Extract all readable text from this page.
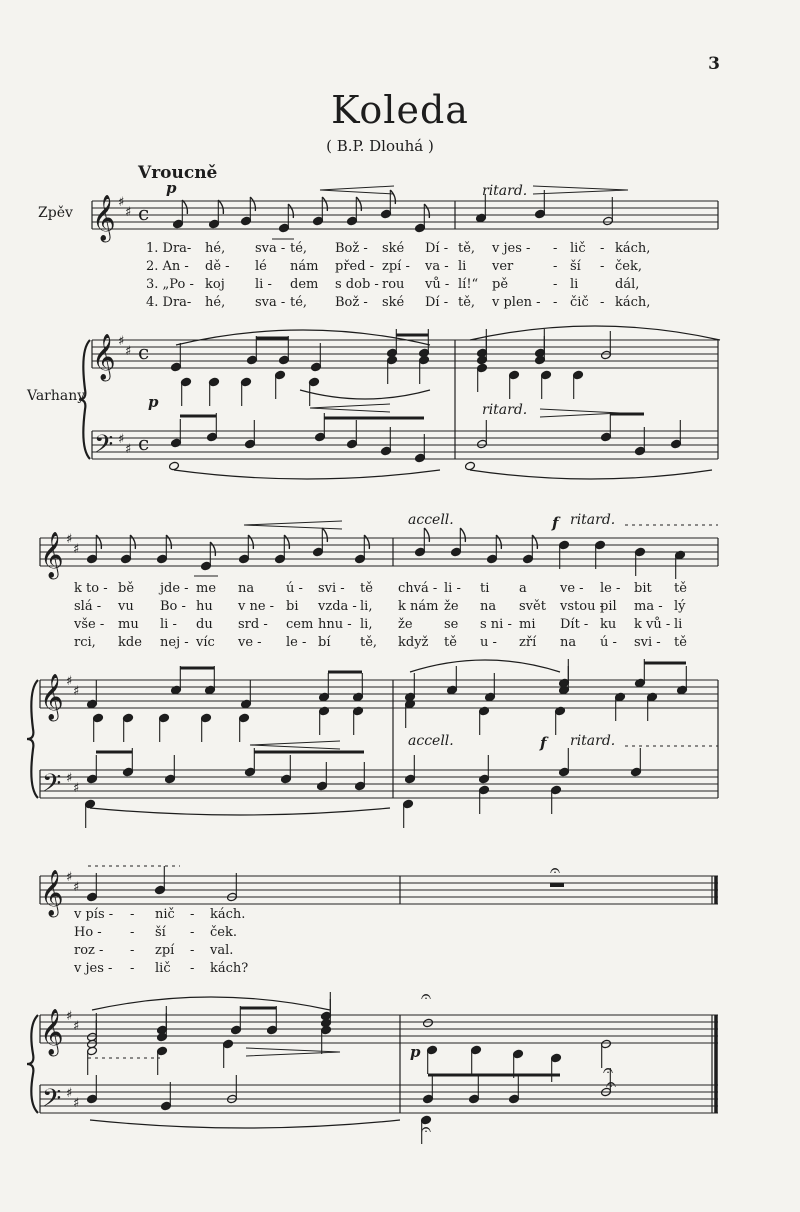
3
Koleda
( B.P. Dlouhá )
Vroucně
Zpěv
Varhany
p	ritard.
p	ritard.
accell.	f ritard.
accell.	f ritard.
p
1. Dra- hé, sva - té, Bož - ské Dí - tě, v jes - - lič - kách,
2. An - dě - lé nám před - zpí - va - li ver	- ší - ček,
3. „Po - koj li - dem s dob - rou vů - lí!“ pě	- li	dál,
4. Dra- hé, sva - té, Bož - ské Dí - tě, v plen - - čič - kách,
k to - bě jde - me na ú - svi - tě chvá - li - ti a	ve - le - bit tě
slá - vu Bo - hu v ne - bi vzda - li, k nám že na svět vstou -
pil ma - lý
vše - mu li - du srd - cem hnu - li, že se s ni - mi Dít - ku k vů - li
rci, kde nej - víc ve - le - bí tě, když tě u - zří na ú - svi - tě
v pís - - nič - kách.
Ho - - ší - ček.
roz - - zpí - val.
v jes - - lič - kách?
𝄞 ♯
♯ c
𝄞 ♯
♯ c
𝄢 ♯
♯ c
𝄞 ♯
♯
𝄞 ♯
♯
𝄢 ♯
♯
𝄞 ♯
♯
𝄞 ♯
♯
𝄢 ♯
♯
𝄐
𝄐
𝄐
𝄐
𝄐
